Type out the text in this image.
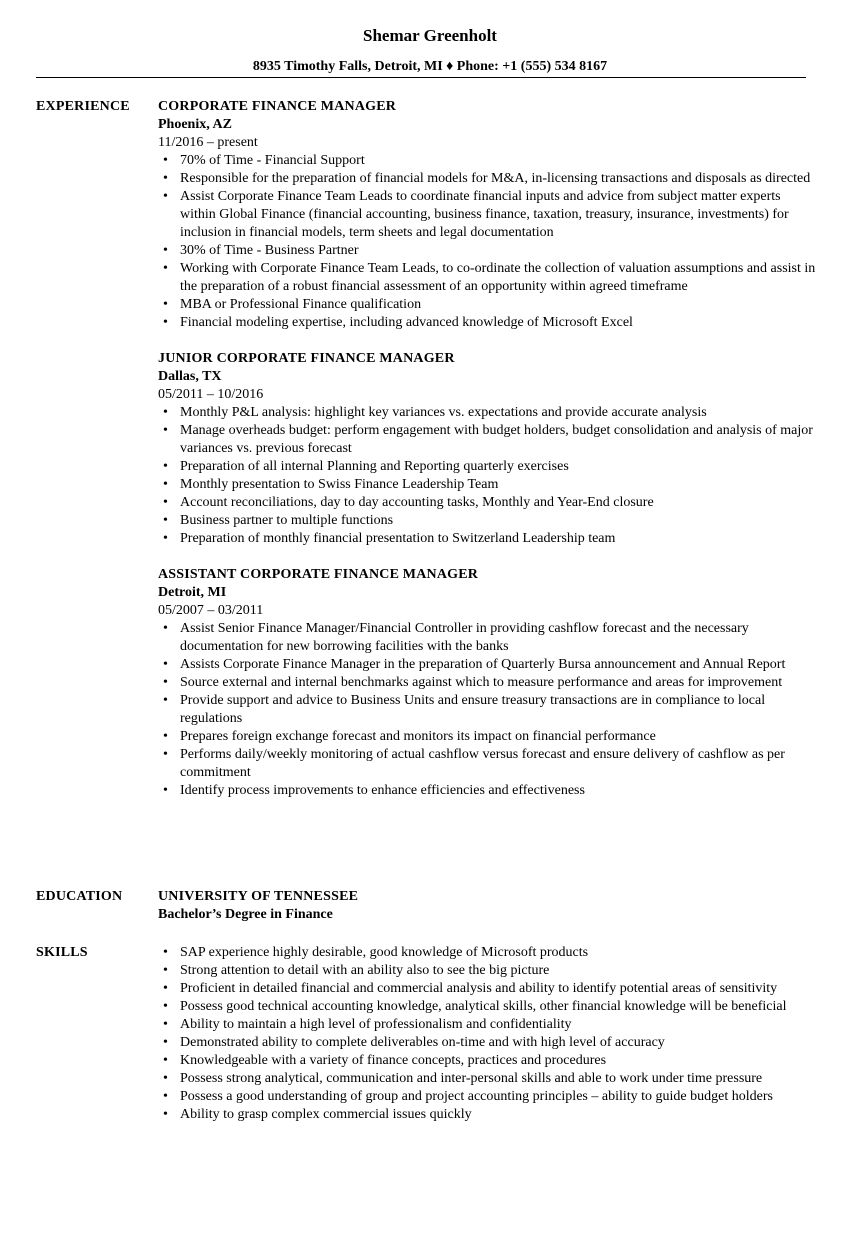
Shemar Greenholt
8935 Timothy Falls, Detroit, MI ♦ Phone: +1 (555) 534 8167
EXPERIENCE	CORPORATE FINANCE MANAGER
Phoenix, AZ
11/2016 – present
• 70% of Time - Financial Support
• Responsible for the preparation of financial models for M&A, in-licensing transactions and disposals as directed
• Assist Corporate Finance Team Leads to coordinate financial inputs and advice from subject matter experts within Global Finance (financial accounting, business finance, taxation, treasury, insurance, investments) for inclusion in financial models, term sheets and legal documentation
• 30% of Time - Business Partner
• Working with Corporate Finance Team Leads, to co-ordinate the collection of valuation assumptions and assist in the preparation of a robust financial assessment of an opportunity within agreed timeframe
• MBA or Professional Finance qualification
• Financial modeling expertise, including advanced knowledge of Microsoft Excel
JUNIOR CORPORATE FINANCE MANAGER
Dallas, TX
05/2011 – 10/2016
• Monthly P&L analysis: highlight key variances vs. expectations and provide accurate analysis
• Manage overheads budget: perform engagement with budget holders, budget consolidation and analysis of major variances vs. previous forecast
• Preparation of all internal Planning and Reporting quarterly exercises
• Monthly presentation to Swiss Finance Leadership Team
• Account reconciliations, day to day accounting tasks, Monthly and Year-End closure
• Business partner to multiple functions
• Preparation of monthly financial presentation to Switzerland Leadership team
ASSISTANT CORPORATE FINANCE MANAGER
Detroit, MI
05/2007 – 03/2011
• Assist Senior Finance Manager/Financial Controller in providing cashflow forecast and the necessary documentation for new borrowing facilities with the banks
• Assists Corporate Finance Manager in the preparation of Quarterly Bursa announcement and Annual Report
• Source external and internal benchmarks against which to measure performance and areas for improvement
• Provide support and advice to Business Units and ensure treasury transactions are in compliance to local regulations
• Prepares foreign exchange forecast and monitors its impact on financial performance
• Performs daily/weekly monitoring of actual cashflow versus forecast and ensure delivery of cashflow as per commitment
• Identify process improvements to enhance efficiencies and effectiveness
EDUCATION	UNIVERSITY OF TENNESSEE
Bachelor’s Degree in Finance
SKILLS
•	SAP experience highly desirable, good knowledge of Microsoft products
• Strong attention to detail with an ability also to see the big picture
• Proficient in detailed financial and commercial analysis and ability to identify potential areas of sensitivity
• Possess good technical accounting knowledge, analytical skills, other financial knowledge will be beneficial
• Ability to maintain a high level of professionalism and confidentiality
• Demonstrated ability to complete deliverables on-time and with high level of accuracy
• Knowledgeable with a variety of finance concepts, practices and procedures
• Possess strong analytical, communication and inter-personal skills and able to work under time pressure
• Possess a good understanding of group and project accounting principles – ability to guide budget holders
• Ability to grasp complex commercial issues quickly
